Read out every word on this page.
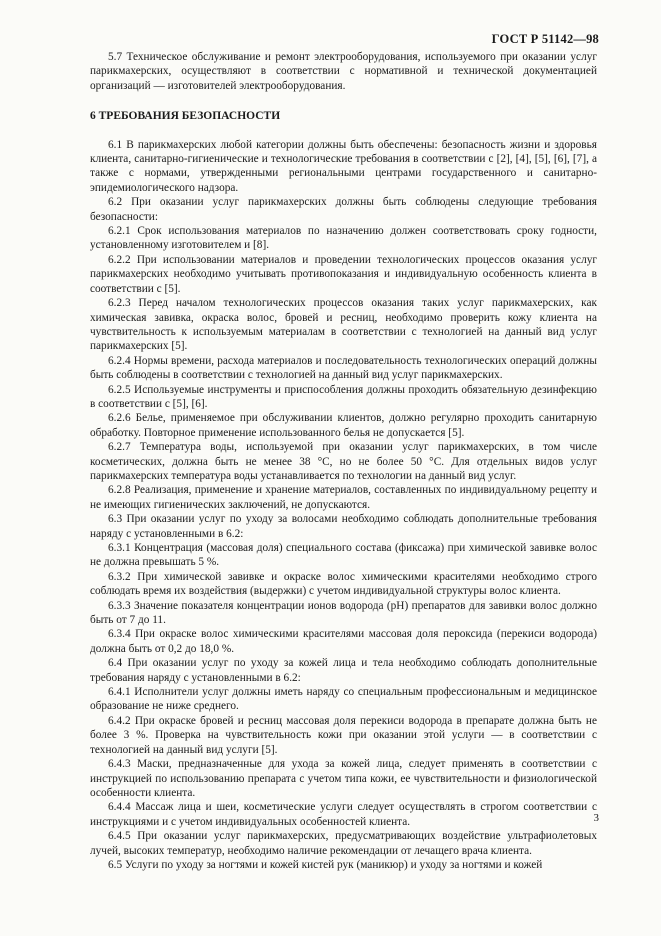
ГОСТ Р 51142—98

5.7 Техническое обслуживание и ремонт электрооборудования, используемого при оказании услуг парикмахерских, осуществляют в соответствии с нормативной и технической документацией организаций — изготовителей электрооборудования.

6 ТРЕБОВАНИЯ БЕЗОПАСНОСТИ

6.1 В парикмахерских любой категории должны быть обеспечены: безопасность жизни и здоровья клиента, санитарно-гигиенические и технологические требования в соответствии с [2], [4], [5], [6], [7], а также с нормами, утвержденными региональными центрами государственного и санитарно-эпидемиологического надзора.

6.2 При оказании услуг парикмахерских должны быть соблюдены следующие требования безопасности:

6.2.1 Срок использования материалов по назначению должен соответствовать сроку годности, установленному изготовителем и [8].

6.2.2 При использовании материалов и проведении технологических процессов оказания услуг парикмахерских необходимо учитывать противопоказания и индивидуальную особенность клиента в соответствии с [5].

6.2.3 Перед началом технологических процессов оказания таких услуг парикмахерских, как химическая завивка, окраска волос, бровей и ресниц, необходимо проверить кожу клиента на чувствительность к используемым материалам в соответствии с технологией на данный вид услуг парикмахерских [5].

6.2.4 Нормы времени, расхода материалов и последовательность технологических операций должны быть соблюдены в соответствии с технологией на данный вид услуг парикмахерских.

6.2.5 Используемые инструменты и приспособления должны проходить обязательную дезинфекцию в соответствии с [5], [6].

6.2.6 Белье, применяемое при обслуживании клиентов, должно регулярно проходить санитарную обработку. Повторное применение использованного белья не допускается [5].

6.2.7 Температура воды, используемой при оказании услуг парикмахерских, в том числе косметических, должна быть не менее 38 °С, но не более 50 °С. Для отдельных видов услуг парикмахерских температура воды устанавливается по технологии на данный вид услуг.

6.2.8 Реализация, применение и хранение материалов, составленных по индивидуальному рецепту и не имеющих гигиенических заключений, не допускаются.

6.3 При оказании услуг по уходу за волосами необходимо соблюдать дополнительные требования наряду с установленными в 6.2:

6.3.1 Концентрация (массовая доля) специального состава (фиксажа) при химической завивке волос не должна превышать 5 %.

6.3.2 При химической завивке и окраске волос химическими красителями необходимо строго соблюдать время их воздействия (выдержки) с учетом индивидуальной структуры волос клиента.

6.3.3 Значение показателя концентрации ионов водорода (рН) препаратов для завивки волос должно быть от 7 до 11.

6.3.4 При окраске волос химическими красителями массовая доля пероксида (перекиси водорода) должна быть от 0,2 до 18,0 %.

6.4 При оказании услуг по уходу за кожей лица и тела необходимо соблюдать дополнительные требования наряду с установленными в 6.2:

6.4.1 Исполнители услуг должны иметь наряду со специальным профессиональным и медицинское образование не ниже среднего.

6.4.2 При окраске бровей и ресниц массовая доля перекиси водорода в препарате должна быть не более 3 %. Проверка на чувствительность кожи при оказании этой услуги — в соответствии с технологией на данный вид услуги [5].

6.4.3 Маски, предназначенные для ухода за кожей лица, следует применять в соответствии с инструкцией по использованию препарата с учетом типа кожи, ее чувствительности и физиологической особенности клиента.

6.4.4 Массаж лица и шеи, косметические услуги следует осуществлять в строгом соответствии с инструкциями и с учетом индивидуальных особенностей клиента.

6.4.5 При оказании услуг парикмахерских, предусматривающих воздействие ультрафиолетовых лучей, высоких температур, необходимо наличие рекомендации от лечащего врача клиента.

6.5 Услуги по уходу за ногтями и кожей кистей рук (маникюр) и уходу за ногтями и кожей

3
